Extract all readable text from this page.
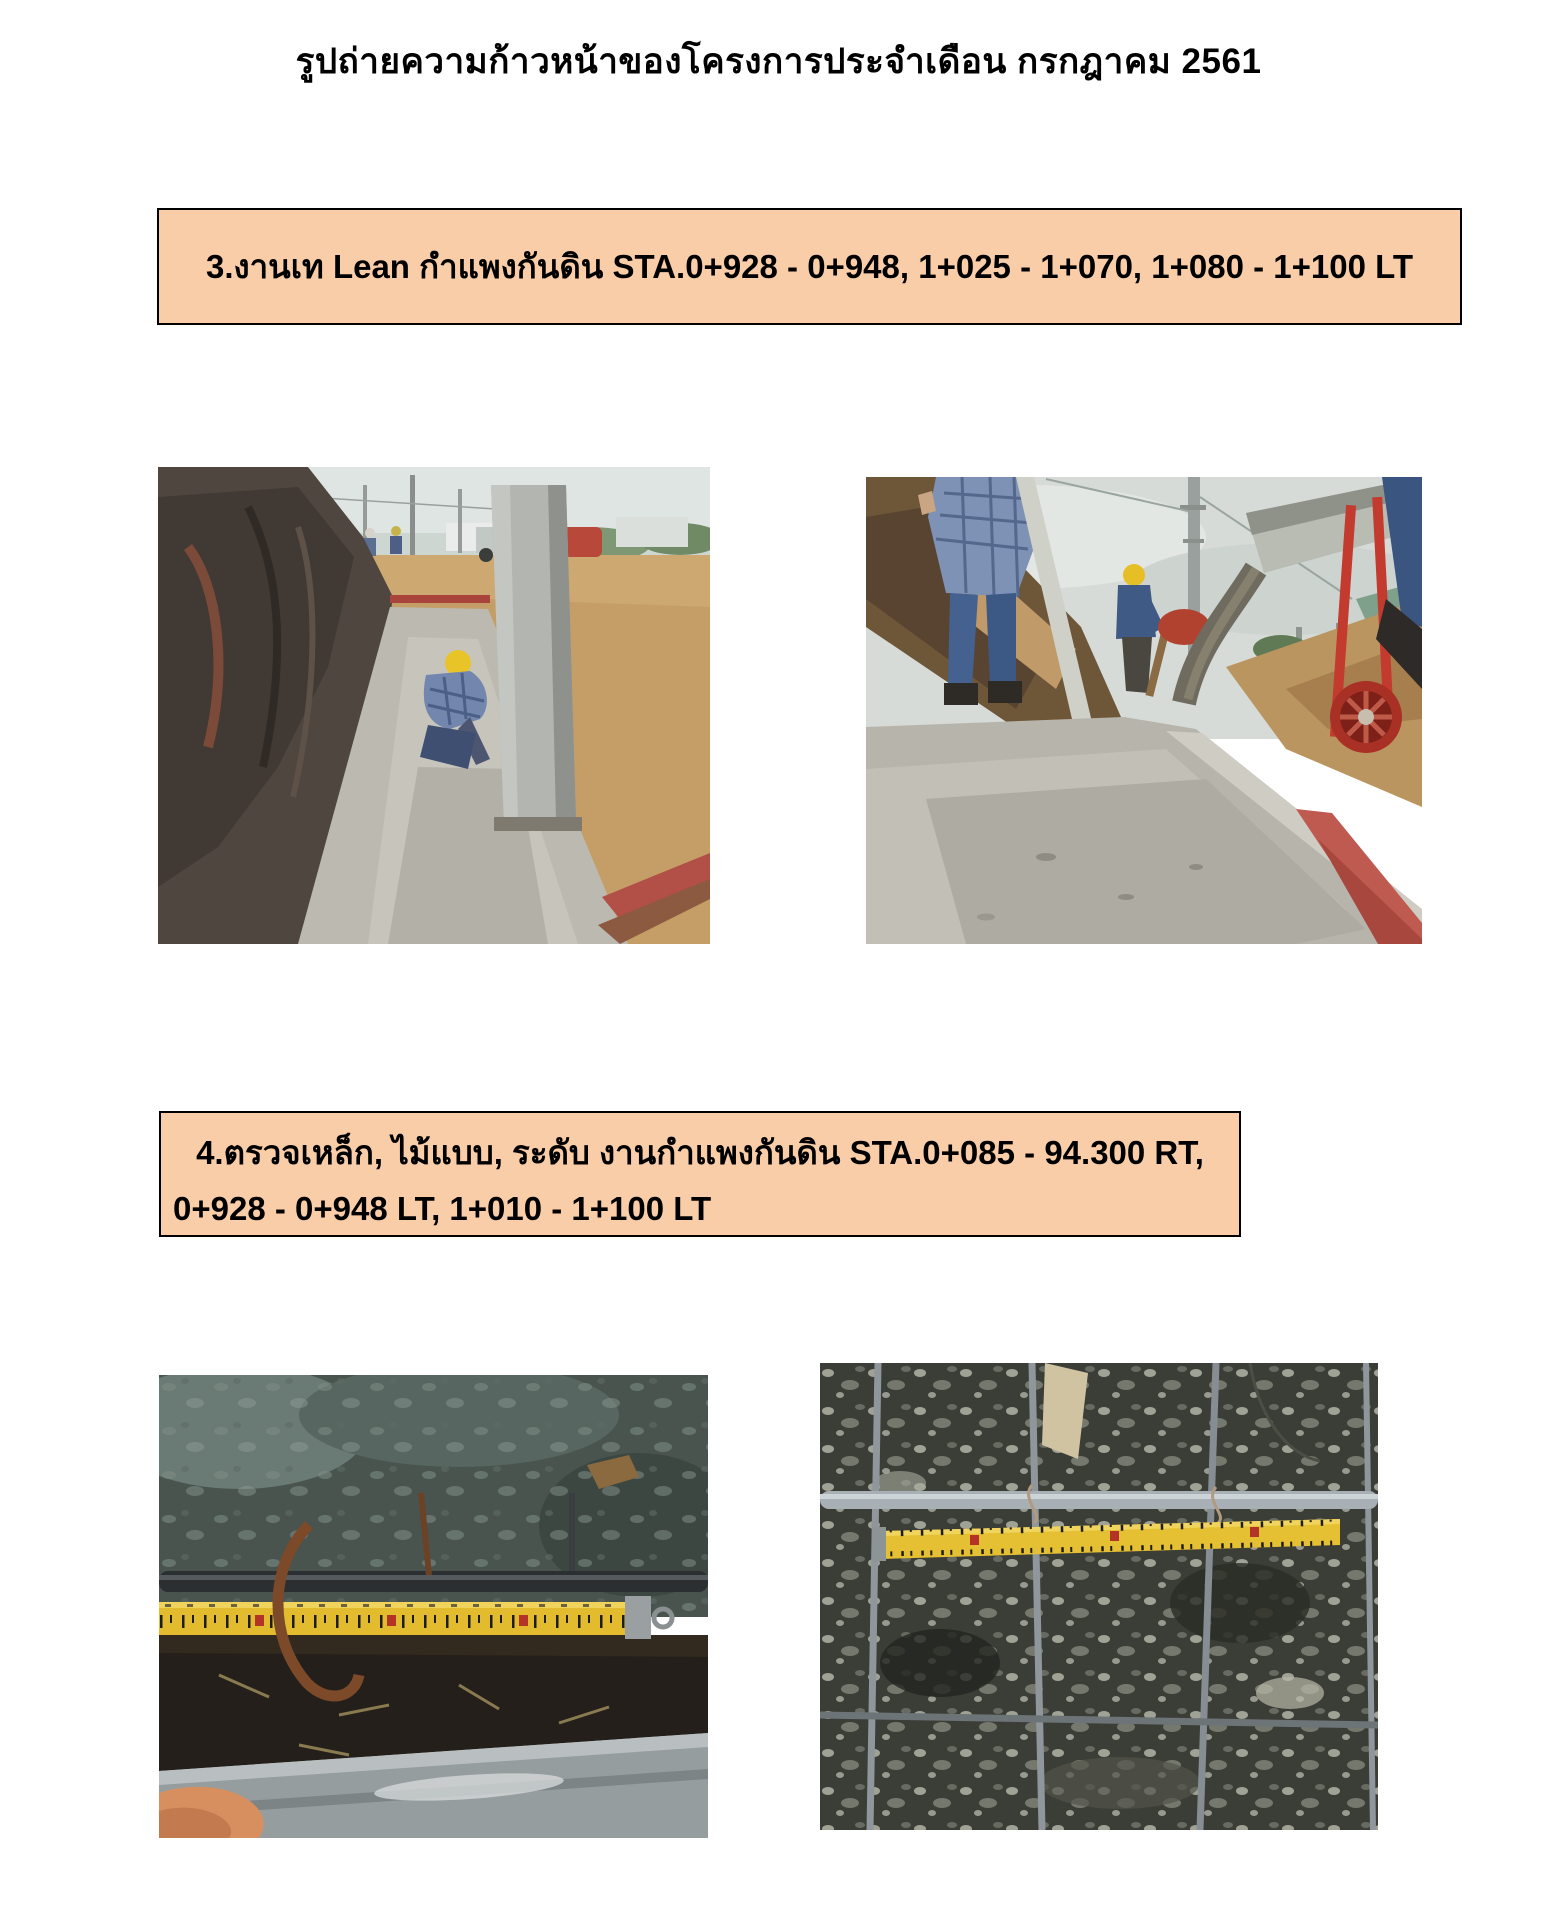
รูปถ่ายความก้าวหน้าของโครงการประจำเดือน กรกฎาคม 2561
3.งานเท Lean กำแพงกันดิน STA.0+928 - 0+948, 1+025 - 1+070, 1+080 - 1+100 LT
4.ตรวจเหล็ก, ไม้แบบ, ระดับ งานกำแพงกันดิน STA.0+085 - 94.300 RT,
0+928 - 0+948 LT, 1+010 - 1+100 LT
